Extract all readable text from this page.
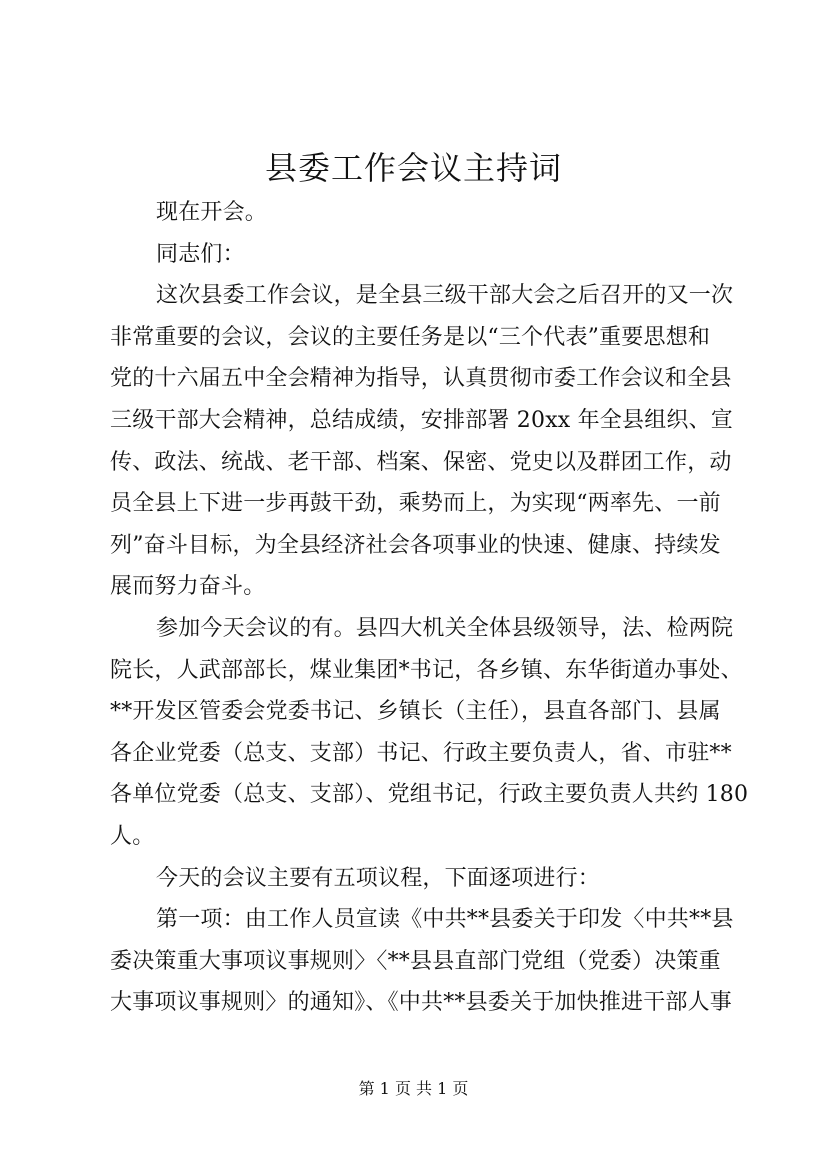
县委工作会议主持词
现在开会。
同志们：
这次县委工作会议，是全县三级干部大会之后召开的又一次
非常重要的会议，会议的主要任务是以“三个代表”重要思想和
党的十六届五中全会精神为指导，认真贯彻市委工作会议和全县
三级干部大会精神，总结成绩，安排部署 20xx 年全县组织、宣
传、政法、统战、老干部、档案、保密、党史以及群团工作，动
员全县上下进一步再鼓干劲，乘势而上，为实现“两率先、一前
列”奋斗目标，为全县经济社会各项事业的快速、健康、持续发
展而努力奋斗。
参加今天会议的有。县四大机关全体县级领导，法、检两院
院长，人武部部长，煤业集团*书记，各乡镇、东华街道办事处、
**开发区管委会党委书记、乡镇长（主任），县直各部门、县属
各企业党委（总支、支部）书记、行政主要负责人，省、市驻**
各单位党委（总支、支部）、党组书记，行政主要负责人共约 180
人。
今天的会议主要有五项议程，下面逐项进行：
第一项：由工作人员宣读《中共**县委关于印发〈中共**县
委决策重大事项议事规则〉〈**县县直部门党组（党委）决策重
大事项议事规则〉的通知》、《中共**县委关于加快推进干部人事
第 1 页 共 1 页
